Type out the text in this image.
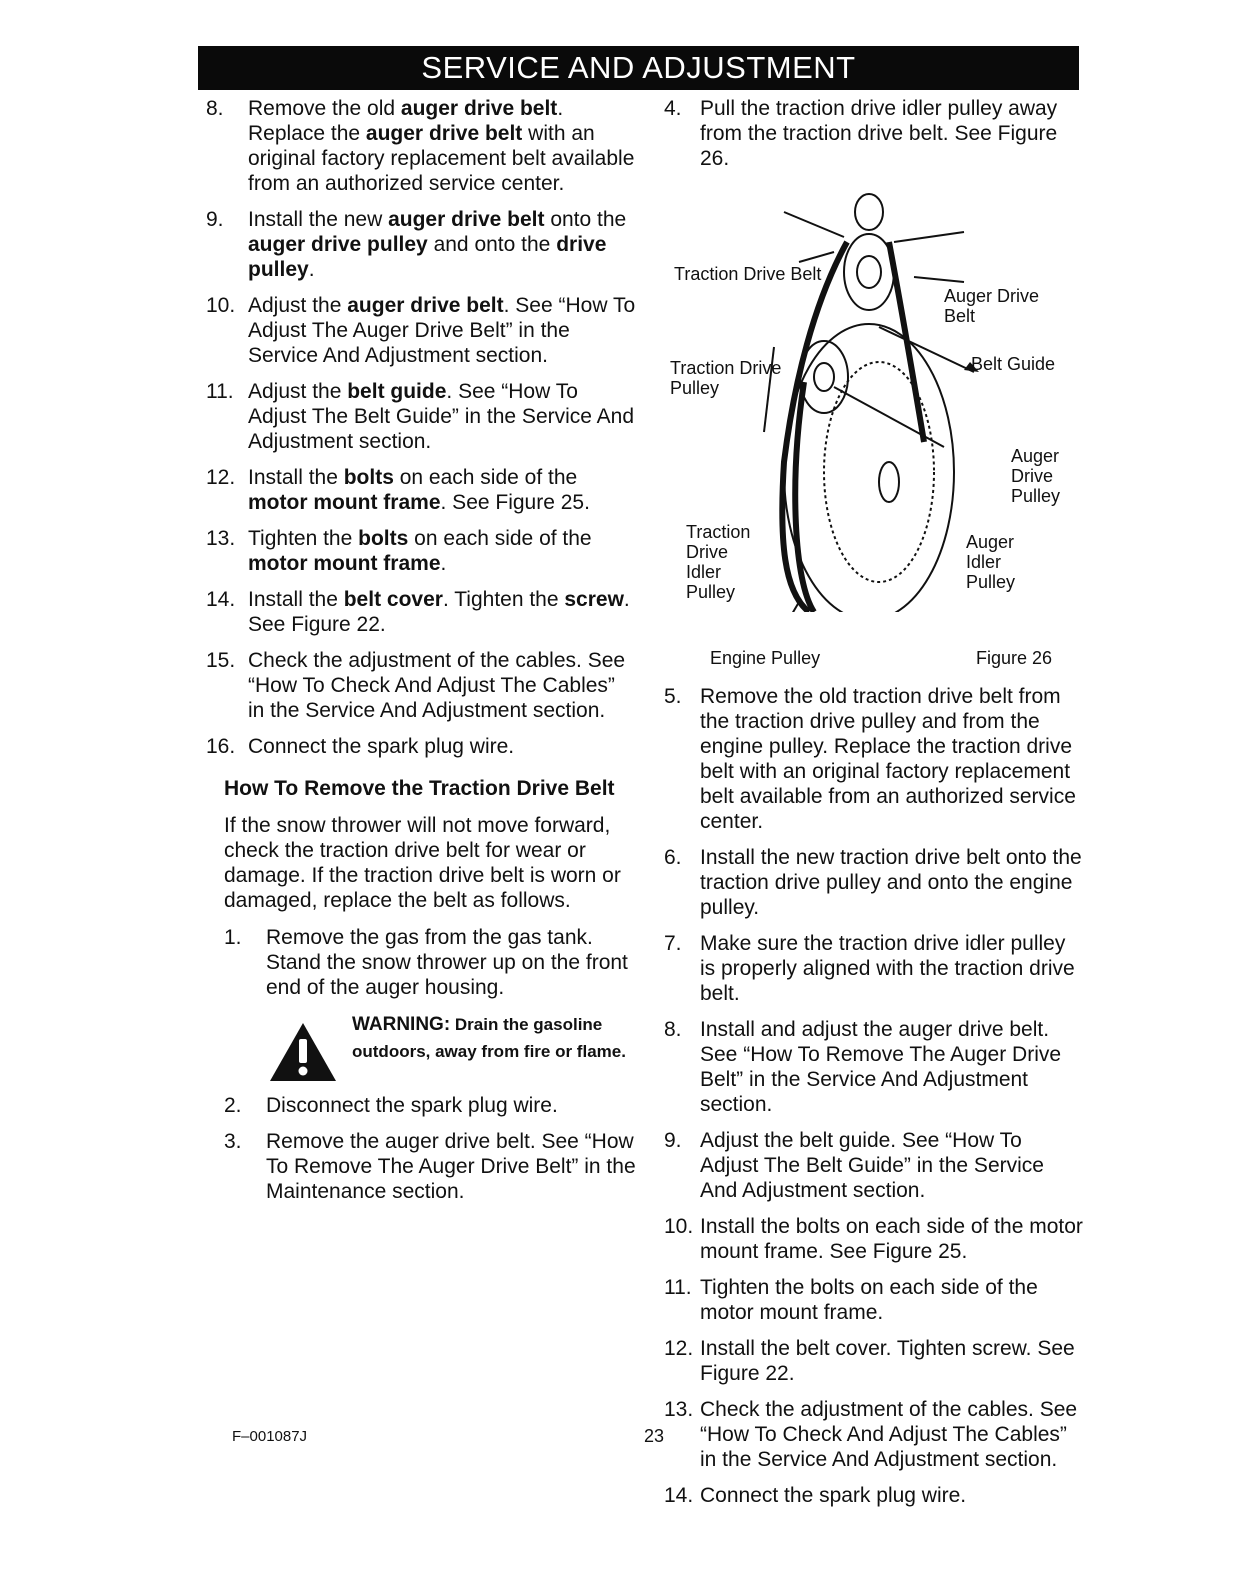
SERVICE AND ADJUSTMENT
8.	Remove the old auger drive belt. Replace the auger drive belt with an original factory replacement belt available from an authorized service center.
9.	Install the new auger drive belt onto the auger drive pulley and onto the drive pulley.
10. Adjust the auger drive belt. See “How To Adjust The Auger Drive Belt” in the Service And Adjustment section.
11. Adjust the belt guide. See “How To Adjust The Belt Guide” in the Service And Adjustment section.
12. Install the bolts on each side of the motor mount frame. See Figure 25.
13. Tighten the bolts on each side of the motor mount frame.
14. Install the belt cover. Tighten the screw. See Figure 22.
15. Check the adjustment of the cables. See “How To Check And Adjust The Cables” in the Service And Adjustment section.
16. Connect the spark plug wire.
How To Remove the Traction Drive Belt
If the snow thrower will not move forward, check the traction drive belt for wear or damage. If the traction drive belt is worn or damaged, replace the belt as follows.
1.	Remove the gas from the gas tank. Stand the snow thrower up on the front end of the auger housing.
WARNING: Drain the gasoline outdoors, away from fire or flame.
2.	Disconnect the spark plug wire.
3.	Remove the auger drive belt. See “How To Remove The Auger Drive Belt” in the Maintenance section.
4. Pull the traction drive idler pulley away from the traction drive belt. See Figure 26.
Traction Drive Belt
Auger Drive Belt
Traction Drive Pulley
Belt Guide
Auger Drive Pulley
Traction Drive Idler Pulley
Auger Idler Pulley
Engine Pulley	Figure 26
5. Remove the old traction drive belt from the traction drive pulley and from the engine pulley. Replace the traction drive belt with an original factory replacement belt available from an authorized service center.
6. Install the new traction drive belt onto the traction drive pulley and onto the engine pulley.
7. Make sure the traction drive idler pulley is properly aligned with the traction drive belt.
8. Install and adjust the auger drive belt. See “How To Remove The Auger Drive Belt” in the Service And Adjustment section.
9. Adjust the belt guide. See “How To Adjust The Belt Guide” in the Service And Adjustment section.
10. Install the bolts on each side of the motor mount frame. See Figure 25.
11. Tighten the bolts on each side of the motor mount frame.
12. Install the belt cover. Tighten screw. See Figure 22.
13. Check the adjustment of the cables. See “How To Check And Adjust The Cables” in the Service And Adjustment section.
14. Connect the spark plug wire.
F–001087J	23
